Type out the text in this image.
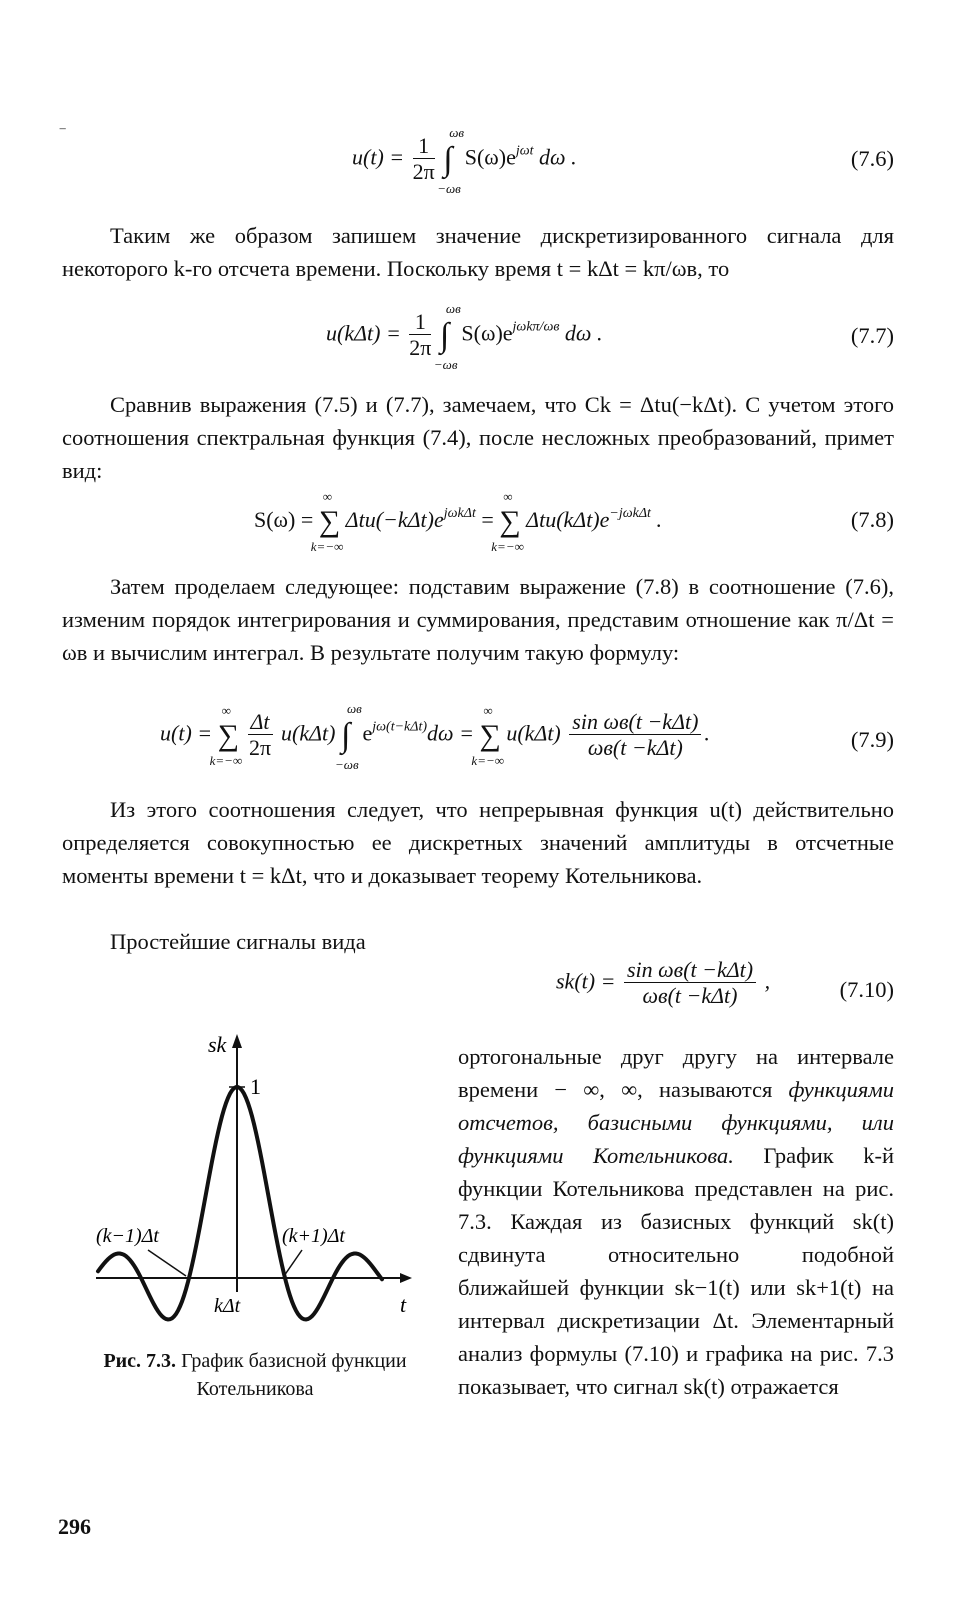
‾
$u(t) = \frac{1}{2\pi}$ ∫
ωв
−ωв
$S(\omega)e^{j\omega t}$ dω .	(7.6)

Таким же образом запишем значение дискретизированного сигнала для некоторого k-го отсчета времени. Поскольку время t = kΔt = kπ/ωв, то

$u(k\Delta t) = \frac{1}{2\pi}$ ∫
ωв
−ωв
$S(\omega)e^{j\omega k\pi/\omega в}$ dω .	(7.7)

Сравнив выражения (7.5) и (7.7), замечаем, что Ck = Δtu(−kΔt). С учетом этого соотношения спектральная функция (7.4), после несложных преобразований, примет вид:

S(ω) = ∑
∞
k=−∞
$\Delta tu(-k\Delta t)e^{j\omega k\Delta t}$ = ∑
∞
k=−∞
$\Delta tu(k\Delta t)e^{-j\omega k\Delta t}$ .	(7.8)

Затем проделаем следующее: подставим выражение (7.8) в соотношение (7.6), изменим порядок интегрирования и суммирования, представим отношение как π/Δt = ωв и вычислим интеграл. В результате получим такую формулу:

u(t) = ∑
∞
k=−∞
$\frac{\Delta t}{2\pi} u(k\Delta t)$ ∫
ωв
−ωв
$e^{j\omega(t-k\Delta t)}d\omega$ = ∑
∞
k=−∞
$u(k\Delta t) \frac{\text{sin ωв(t −kΔt)}}{\text{ωв(t −kΔt)}}$ .	(7.9)

Из этого соотношения следует, что непрерывная функция u(t) действительно определяется совокупностью ее дискретных значений амплитуды в отсчетные моменты времени t = kΔt, что и доказывает теорему Котельникова.

Простейшие сигналы вида

$sk(t) = \frac{\text{sin ωв(t −kΔt)}}{\text{ωв(t −kΔt)}}$ ,	(7.10)

ортогональные друг другу на интервале времени − ∞, ∞, называются функциями отсчетов, базисными функциями, или функциями Котельникова. График k-й функции Котельникова представлен на рис. 7.3. Каждая из базисных функций sk(t) сдвинута относительно подобной ближайшей функции sk−1(t) или sk+1(t) на интервал дискретизации Δt. Элементарный анализ формулы (7.10) и графика на рис. 7.3 показывает, что сигнал sk(t) отражается

sk
1
(k−1)Δt	(k+1)Δt
kΔt	t
Рис. 7.3. График базисной функции Котельникова
296
